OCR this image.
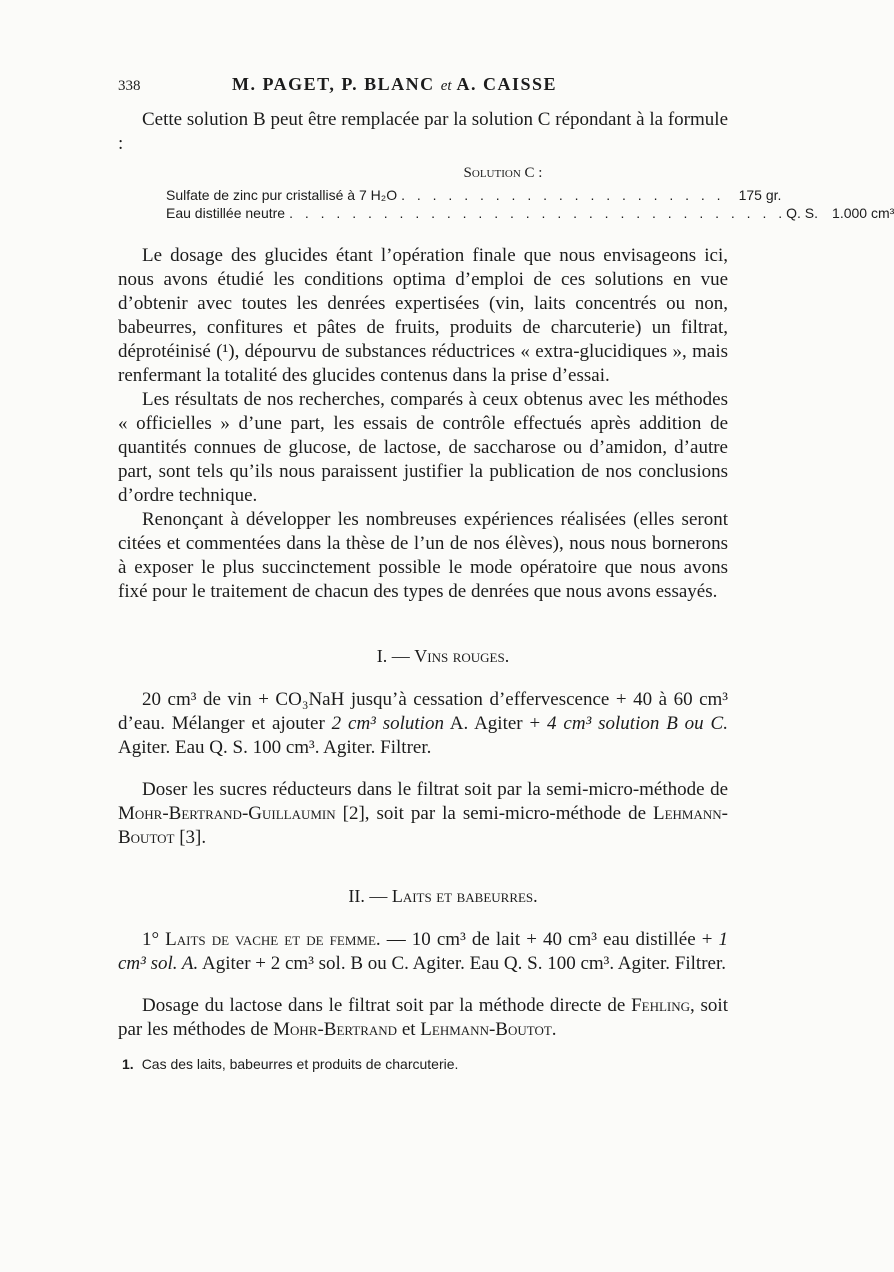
338	M. PAGET, P. BLANC et A. CAISSE

Cette solution B peut être remplacée par la solution C répondant à la formule :

Solution C :
Sulfate de zinc pur cristallisé à 7 H₂O . . . . . . . . . . . . . . . . . . . . . 175 gr.
Eau distillée neutre . . . . . . . . . . . . . . . . . . . . . . . . . . . . . . . . Q. S. 1.000 cm³

Le dosage des glucides étant l’opération finale que nous envisageons ici, nous avons étudié les conditions optima d’emploi de ces solutions en vue d’obtenir avec toutes les denrées expertisées (vin, laits concentrés ou non, babeurres, confitures et pâtes de fruits, produits de charcuterie) un filtrat, déprotéinisé (¹), dépourvu de substances réductrices « extra-glucidiques », mais renfermant la totalité des glucides contenus dans la prise d’essai.

Les résultats de nos recherches, comparés à ceux obtenus avec les méthodes « officielles » d’une part, les essais de contrôle effectués après addition de quantités connues de glucose, de lactose, de saccharose ou d’amidon, d’autre part, sont tels qu’ils nous paraissent justifier la publication de nos conclusions d’ordre technique.

Renonçant à développer les nombreuses expériences réalisées (elles seront citées et commentées dans la thèse de l’un de nos élèves), nous nous bornerons à exposer le plus succinctement possible le mode opératoire que nous avons fixé pour le traitement de chacun des types de denrées que nous avons essayés.

I. — Vins rouges.

20 cm³ de vin + CO₃NaH jusqu’à cessation d’effervescence + 40 à 60 cm³ d’eau. Mélanger et ajouter 2 cm³ solution A. Agiter + 4 cm³ solution B ou C. Agiter. Eau Q. S. 100 cm³. Agiter. Filtrer.

Doser les sucres réducteurs dans le filtrat soit par la semi-micro-méthode de Mohr-Bertrand-Guillaumin [2], soit par la semi-micro-méthode de Lehmann-Boutot [3].

II. — Laits et babeurres.

1° Laits de vache et de femme. — 10 cm³ de lait + 40 cm³ eau distillée + 1 cm³ sol. A. Agiter + 2 cm³ sol. B ou C. Agiter. Eau Q. S. 100 cm³. Agiter. Filtrer.

Dosage du lactose dans le filtrat soit par la méthode directe de Fehling, soit par les méthodes de Mohr-Bertrand et Lehmann-Boutot.

1. Cas des laits, babeurres et produits de charcuterie.
